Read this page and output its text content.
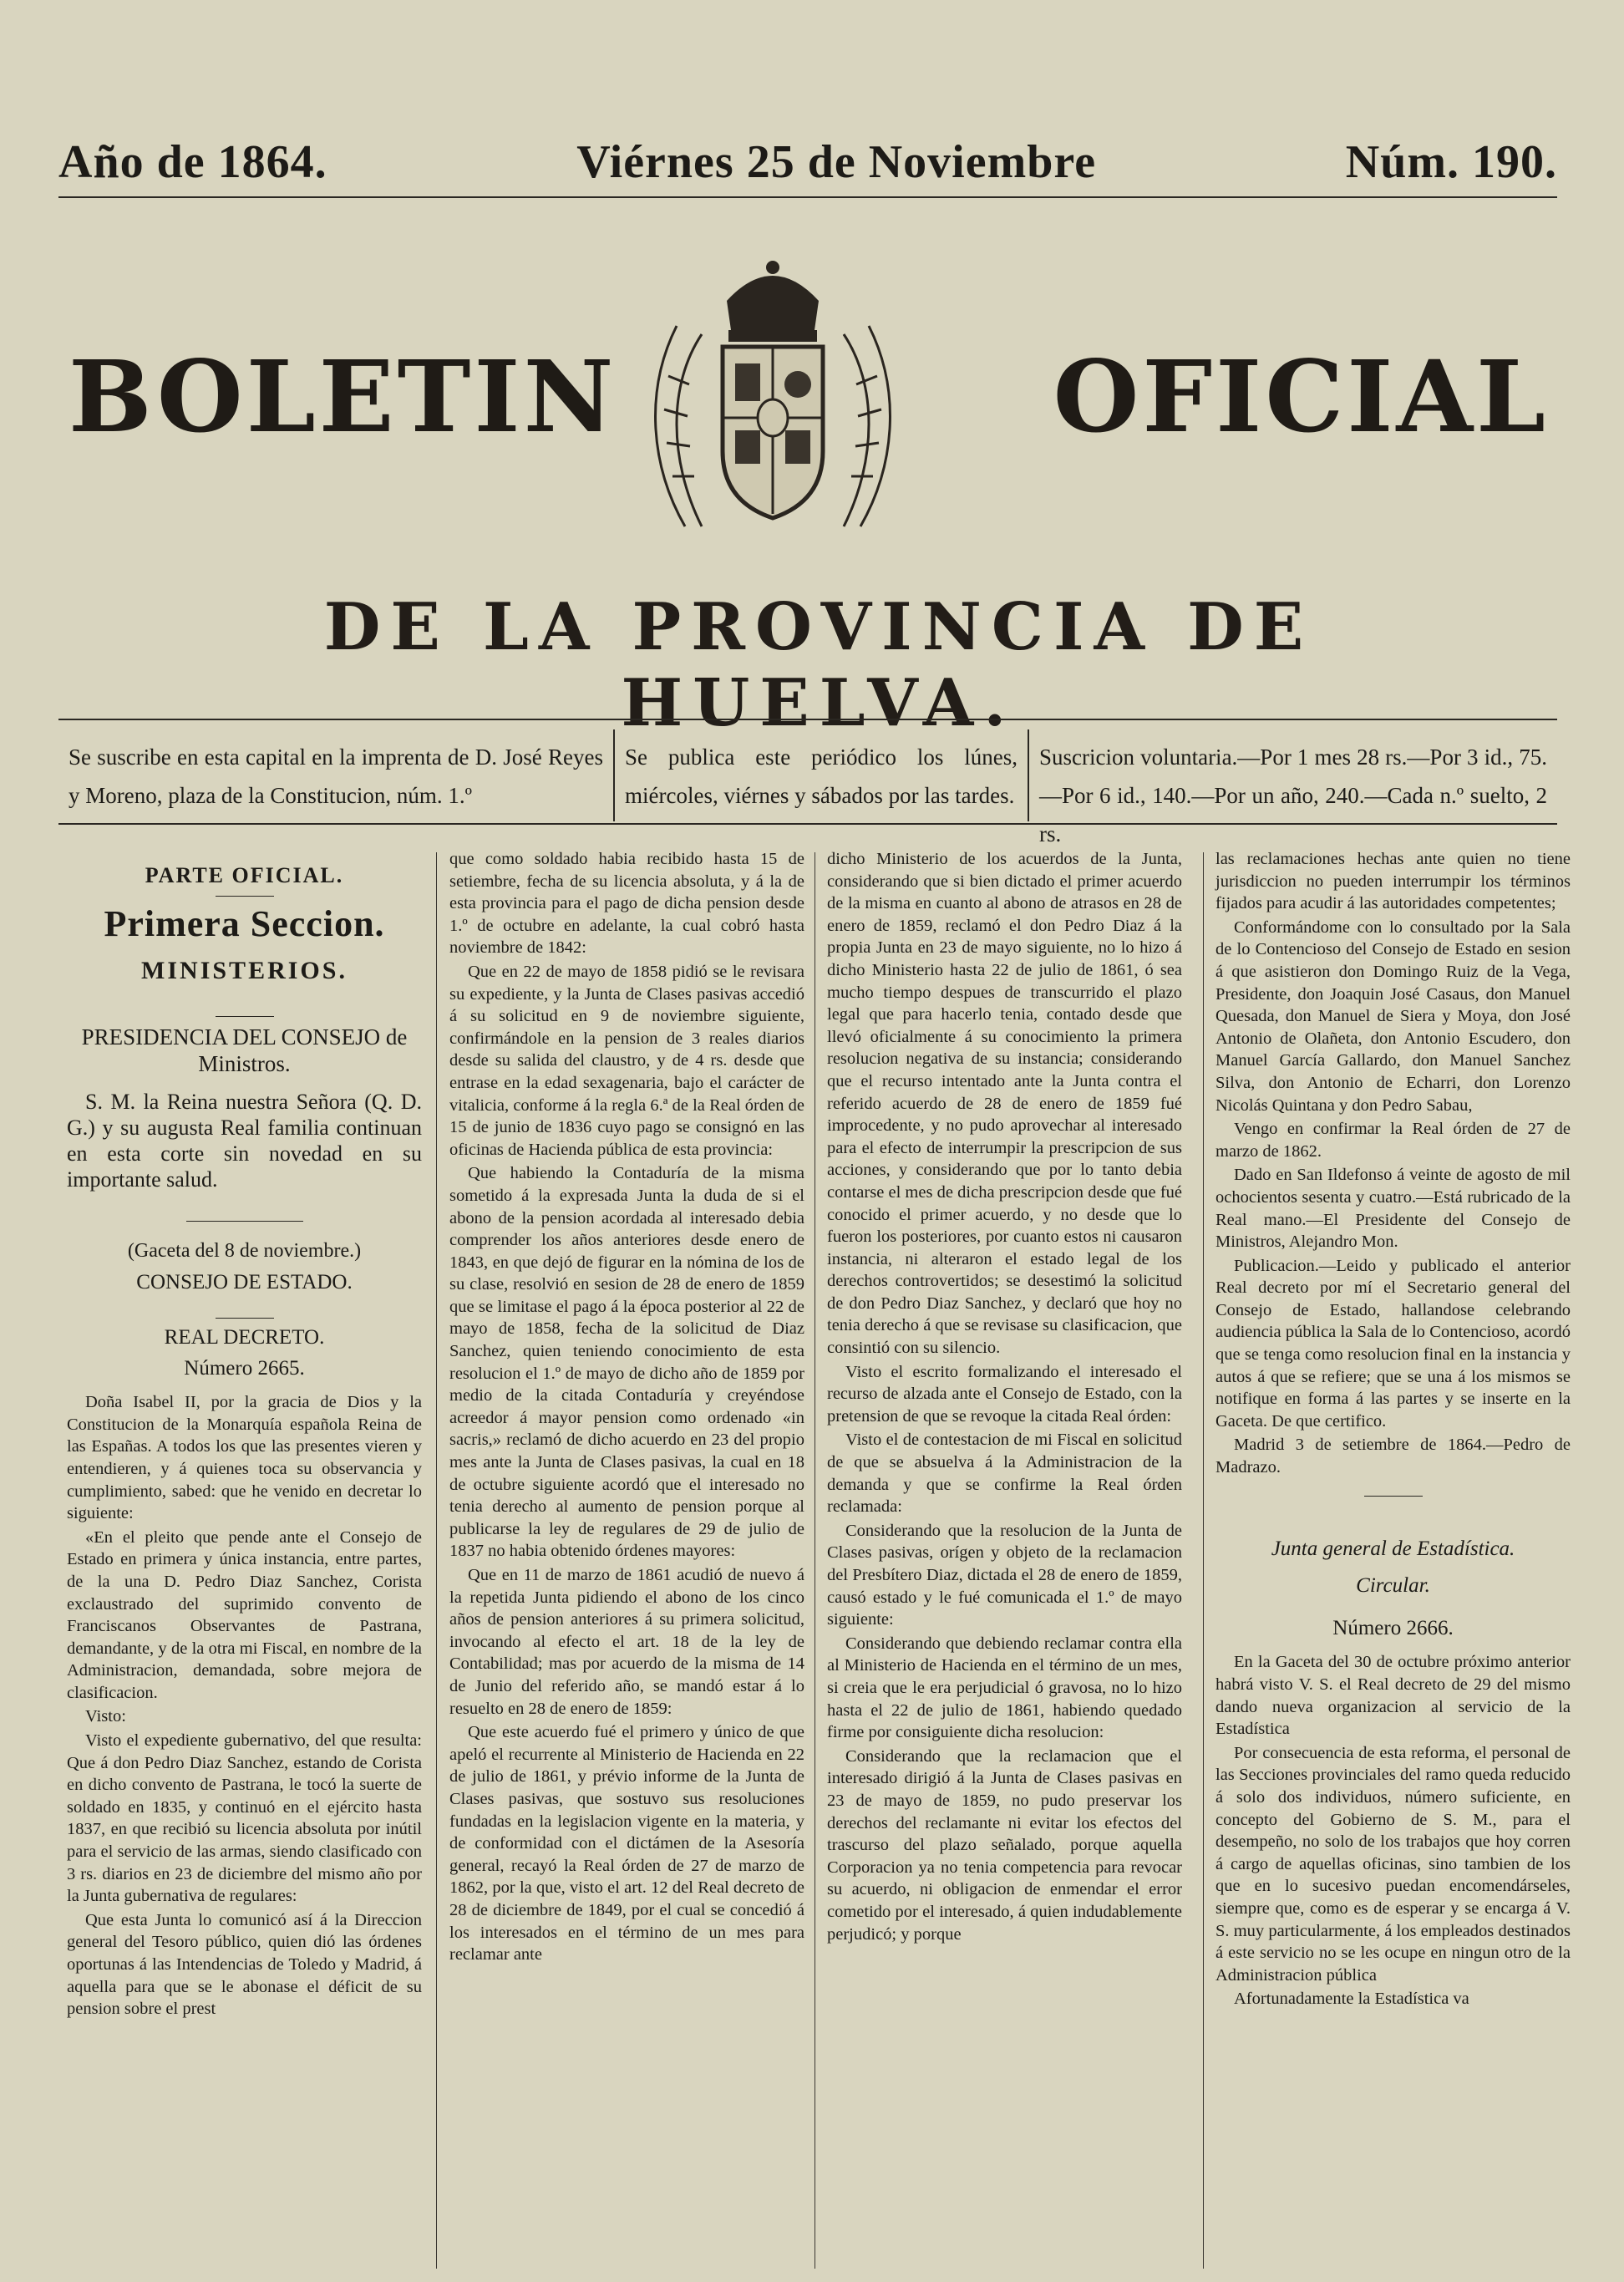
Año de 1864.	Viérnes 25 de Noviembre	Núm. 190.
BOLETIN	OFICIAL
DE LA PROVINCIA DE HUELVA.
Se suscribe en esta capital en la imprenta de D. José Reyes y Moreno, plaza de la Constitucion, núm. 1.º
Se publica este periódico los lúnes, miércoles, viérnes y sábados por las tardes.
Suscricion voluntaria.—Por 1 mes 28 rs.—Por 3 id., 75.—Por 6 id., 140.—Por un año, 240.—Cada n.º suelto, 2 rs.
PARTE OFICIAL.
Primera Seccion.
MINISTERIOS.
PRESIDENCIA DEL CONSEJO de Ministros.

S. M. la Reina nuestra Señora (Q. D. G.) y su augusta Real familia continuan en esta corte sin novedad en su importante salud.

(Gaceta del 8 de noviembre.)
CONSEJO DE ESTADO.
REAL DECRETO.
Número 2665.

Doña Isabel II, por la gracia de Dios y la Constitucion de la Monarquía española Reina de las Españas. A todos los que las presentes vieren y entendieren, y á quienes toca su observancia y cumplimiento, sabed: que he venido en decretar lo siguiente:

«En el pleito que pende ante el Consejo de Estado en primera y única instancia, entre partes, de la una D. Pedro Diaz Sanchez, Corista exclaustrado del suprimido convento de Franciscanos Observantes de Pastrana, demandante, y de la otra mi Fiscal, en nombre de la Administracion, demandada, sobre mejora de clasificacion.

Visto:

Visto el expediente gubernativo, del que resulta: Que á don Pedro Diaz Sanchez, estando de Corista en dicho convento de Pastrana, le tocó la suerte de soldado en 1835, y continuó en el ejército hasta 1837, en que recibió su licencia absoluta por inútil para el servicio de las armas, siendo clasificado con 3 rs. diarios en 23 de diciembre del mismo año por la Junta gubernativa de regulares:

Que esta Junta lo comunicó así á la Direccion general del Tesoro público, quien dió las órdenes oportunas á las Intendencias de Toledo y Madrid, á aquella para que se le abonase el déficit de su pension sobre el prest

que como soldado habia recibido hasta 15 de setiembre, fecha de su licencia absoluta, y á la de esta provincia para el pago de dicha pension desde 1.º de octubre en adelante, la cual cobró hasta noviembre de 1842:

Que en 22 de mayo de 1858 pidió se le revisara su expediente, y la Junta de Clases pasivas accedió á su solicitud en 9 de noviembre siguiente, confirmándole en la pension de 3 reales diarios desde su salida del claustro, y de 4 rs. desde que entrase en la edad sexagenaria, bajo el carácter de vitalicia, conforme á la regla 6.ª de la Real órden de 15 de junio de 1836 cuyo pago se consignó en las oficinas de Hacienda pública de esta provincia:

Que habiendo la Contaduría de la misma sometido á la expresada Junta la duda de si el abono de la pension acordada al interesado debia comprender los años anteriores desde enero de 1843, en que dejó de figurar en la nómina de los de su clase, resolvió en sesion de 28 de enero de 1859 que se limitase el pago á la época posterior al 22 de mayo de 1858, fecha de la solicitud de Diaz Sanchez, quien teniendo conocimiento de esta resolucion el 1.º de mayo de dicho año de 1859 por medio de la citada Contaduría y creyéndose acreedor á mayor pension como ordenado «in sacris,» reclamó de dicho acuerdo en 23 del propio mes ante la Junta de Clases pasivas, la cual en 18 de octubre siguiente acordó que el interesado no tenia derecho al aumento de pension porque al publicarse la ley de regulares de 29 de julio de 1837 no habia obtenido órdenes mayores:

Que en 11 de marzo de 1861 acudió de nuevo á la repetida Junta pidiendo el abono de los cinco años de pension anteriores á su primera solicitud, invocando al efecto el art. 18 de la ley de Contabilidad; mas por acuerdo de la misma de 14 de Junio del referido año, se mandó estar á lo resuelto en 28 de enero de 1859:

Que este acuerdo fué el primero y único de que apeló el recurrente al Ministerio de Hacienda en 22 de julio de 1861, y prévio informe de la Junta de Clases pasivas, que sostuvo sus resoluciones fundadas en la legislacion vigente en la materia, y de conformidad con el dictámen de la Asesoría general, recayó la Real órden de 27 de marzo de 1862, por la que, visto el art. 12 del Real decreto de 28 de diciembre de 1849, por el cual se concedió á los interesados en el término de un mes para reclamar ante

dicho Ministerio de los acuerdos de la Junta, considerando que si bien dictado el primer acuerdo de la misma en cuanto al abono de atrasos en 28 de enero de 1859, reclamó el don Pedro Diaz á la propia Junta en 23 de mayo siguiente, no lo hizo á dicho Ministerio hasta 22 de julio de 1861, ó sea mucho tiempo despues de transcurrido el plazo legal que para hacerlo tenia, contado desde que llevó oficialmente á su conocimiento la primera resolucion negativa de su instancia; considerando que el recurso intentado ante la Junta contra el referido acuerdo de 28 de enero de 1859 fué improcedente, y no pudo aprovechar al interesado para el efecto de interrumpir la prescripcion de sus acciones, y considerando que por lo tanto debia contarse el mes de dicha prescripcion desde que fué conocido el primer acuerdo, y no desde que lo fueron los posteriores, por cuanto estos ni causaron instancia, ni alteraron el estado legal de los derechos controvertidos; se desestimó la solicitud de don Pedro Diaz Sanchez, y declaró que hoy no tenia derecho á que se revisase su clasificacion, que consintió con su silencio.

Visto el escrito formalizando el interesado el recurso de alzada ante el Consejo de Estado, con la pretension de que se revoque la citada Real órden:

Visto el de contestacion de mi Fiscal en solicitud de que se absuelva á la Administracion de la demanda y que se confirme la Real órden reclamada:

Considerando que la resolucion de la Junta de Clases pasivas, orígen y objeto de la reclamacion del Presbítero Diaz, dictada el 28 de enero de 1859, causó estado y le fué comunicada el 1.º de mayo siguiente:

Considerando que debiendo reclamar contra ella al Ministerio de Hacienda en el término de un mes, si creia que le era perjudicial ó gravosa, no lo hizo hasta el 22 de julio de 1861, habiendo quedado firme por consiguiente dicha resolucion:

Considerando que la reclamacion que el interesado dirigió á la Junta de Clases pasivas en 23 de mayo de 1859, no pudo preservar los derechos del reclamante ni evitar los efectos del trascurso del plazo señalado, porque aquella Corporacion ya no tenia competencia para revocar su acuerdo, ni obligacion de enmendar el error cometido por el interesado, á quien indudablemente perjudicó; y porque

las reclamaciones hechas ante quien no tiene jurisdiccion no pueden interrumpir los términos fijados para acudir á las autoridades competentes;

Conformándome con lo consultado por la Sala de lo Contencioso del Consejo de Estado en sesion á que asistieron don Domingo Ruiz de la Vega, Presidente, don Joaquin José Casaus, don Manuel Quesada, don Manuel de Siera y Moya, don José Antonio de Olañeta, don Antonio Escudero, don Manuel García Gallardo, don Manuel Sanchez Silva, don Antonio de Echarri, don Lorenzo Nicolás Quintana y don Pedro Sabau,

Vengo en confirmar la Real órden de 27 de marzo de 1862.

Dado en San Ildefonso á veinte de agosto de mil ochocientos sesenta y cuatro.—Está rubricado de la Real mano.—El Presidente del Consejo de Ministros, Alejandro Mon.

Publicacion.—Leido y publicado el anterior Real decreto por mí el Secretario general del Consejo de Estado, hallandose celebrando audiencia pública la Sala de lo Contencioso, acordó que se tenga como resolucion final en la instancia y autos á que se refiere; que se una á los mismos se notifique en forma á las partes y se inserte en la Gaceta. De que certifico.

Madrid 3 de setiembre de 1864.—Pedro de Madrazo.

Junta general de Estadística.
Circular.
Número 2666.

En la Gaceta del 30 de octubre próximo anterior habrá visto V. S. el Real decreto de 29 del mismo dando nueva organizacion al servicio de la Estadística

Por consecuencia de esta reforma, el personal de las Secciones provinciales del ramo queda reducido á solo dos individuos, número suficiente, en concepto del Gobierno de S. M., para el desempeño, no solo de los trabajos que hoy corren á cargo de aquellas oficinas, sino tambien de los que en lo sucesivo puedan encomendárseles, siempre que, como es de esperar y se encarga á V. S. muy particularmente, á los empleados destinados á este servicio no se les ocupe en ningun otro de la Administracion pública

Afortunadamente la Estadística va
